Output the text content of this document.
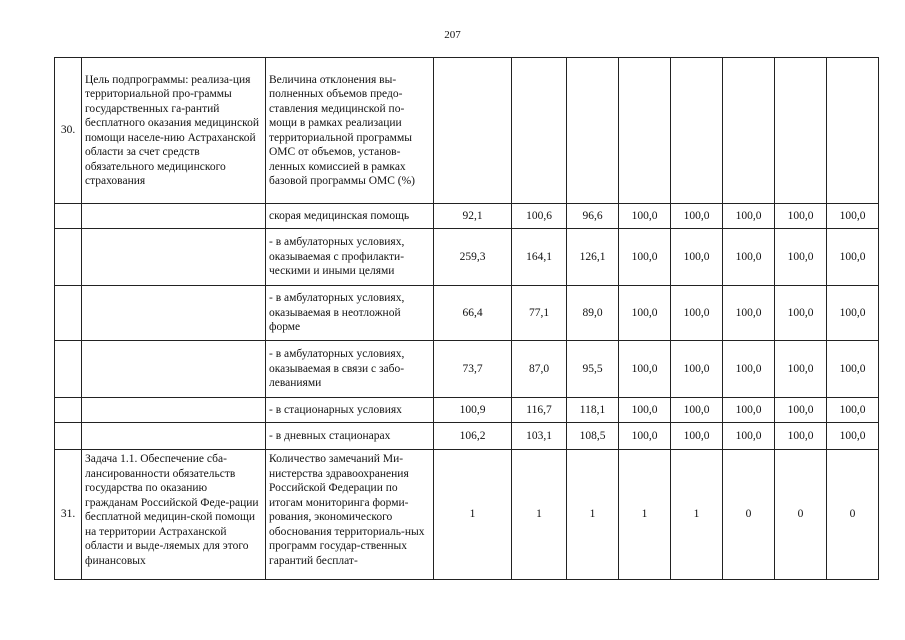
207
30.	Цель подпрограммы: реализа-ция территориальной про-граммы государственных га-рантий бесплатного оказания медицинской помощи населе-нию Астраханской области за счет средств обязательного медицинского страхования	Величина отклонения вы-полненных объемов предо-ставления медицинской по-мощи в рамках реализации территориальной программы ОМС от объемов, установ-ленных комиссией в рамках базовой программы ОМС (%)								
		скорая медицинская помощь	92,1	100,6	96,6	100,0	100,0	100,0	100,0	100,0
		- в амбулаторных условиях, оказываемая с профилакти-ческими и иными целями	259,3	164,1	126,1	100,0	100,0	100,0	100,0	100,0
		- в амбулаторных условиях, оказываемая в неотложной форме	66,4	77,1	89,0	100,0	100,0	100,0	100,0	100,0
		- в амбулаторных условиях, оказываемая в связи с забо-леваниями	73,7	87,0	95,5	100,0	100,0	100,0	100,0	100,0
		- в стационарных условиях	100,9	116,7	118,1	100,0	100,0	100,0	100,0	100,0
		- в дневных стационарах	106,2	103,1	108,5	100,0	100,0	100,0	100,0	100,0
31.	Задача 1.1. Обеспечение сба-лансированности обязательств государства по оказанию гражданам Российской Феде-рации бесплатной медицин-ской помощи на территории Астраханской области и выде-ляемых для этого финансовых	Количество замечаний Ми-нистерства здравоохранения Российской Федерации по итогам мониторинга форми-рования, экономического обоснования территориаль-ных программ государ-ственных гарантий бесплат-	1	1	1	1	1	0	0	0
